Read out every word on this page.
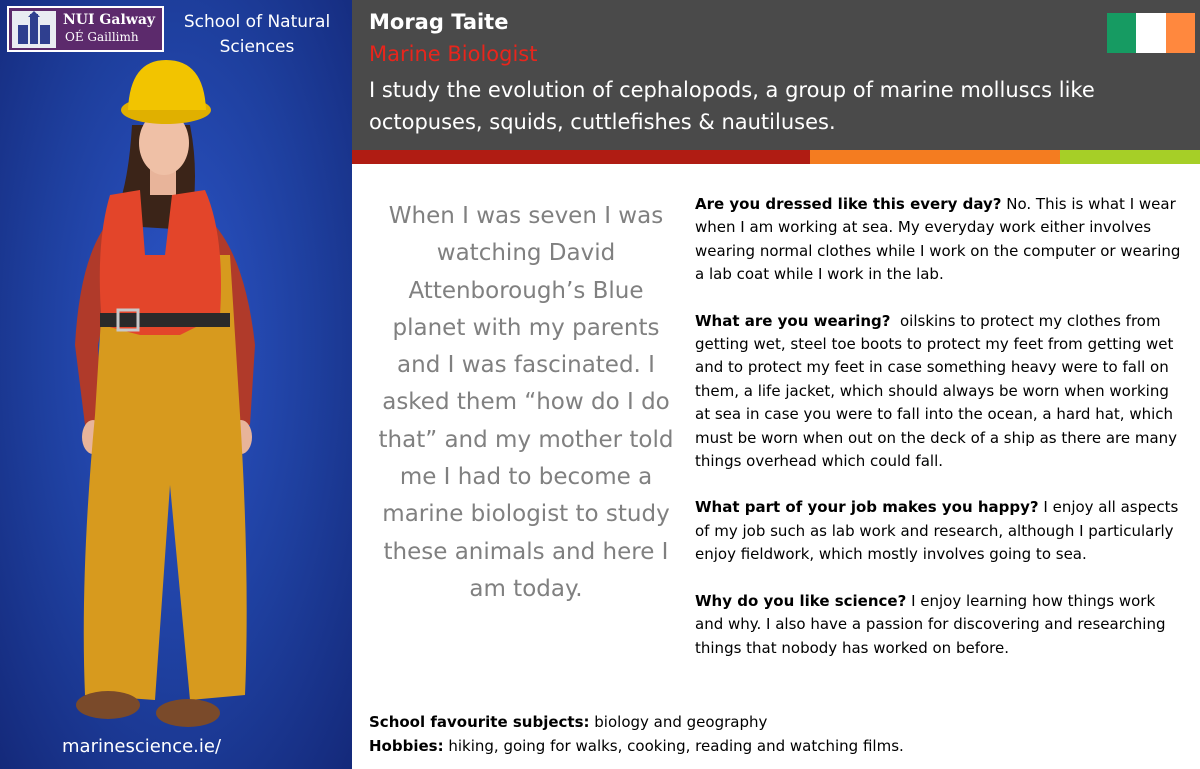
NUI Galway
OÉ Gaillimh
School of Natural Sciences
marinescience.ie/
Morag Taite
Marine Biologist
I study the evolution of cephalopods, a group of marine molluscs like octopuses, squids, cuttlefishes & nautiluses.
When I was seven I was watching David Attenborough’s Blue planet with my parents and I was fascinated. I asked them “how do I do that” and my mother told me I had to become a marine biologist to study these animals and here I am today.

Are you dressed like this every day? No. This is what I wear when I am working at sea. My everyday work either involves wearing normal clothes while I work on the computer or wearing a lab coat while I work in the lab.

What are you wearing?  oilskins to protect my clothes from getting wet, steel toe boots to protect my feet from getting wet and to protect my feet in case something heavy were to fall on them, a life jacket, which should always be worn when working at sea in case you were to fall into the ocean, a hard hat, which must be worn when out on the deck of a ship as there are many things overhead which could fall.

What part of your job makes you happy? I enjoy all aspects of my job such as lab work and research, although I particularly enjoy fieldwork, which mostly involves going to sea.

Why do you like science? I enjoy learning how things work and why. I also have a passion for discovering and researching things that nobody has worked on before.

School favourite subjects: biology and geography
Hobbies: hiking, going for walks, cooking, reading and watching films.
